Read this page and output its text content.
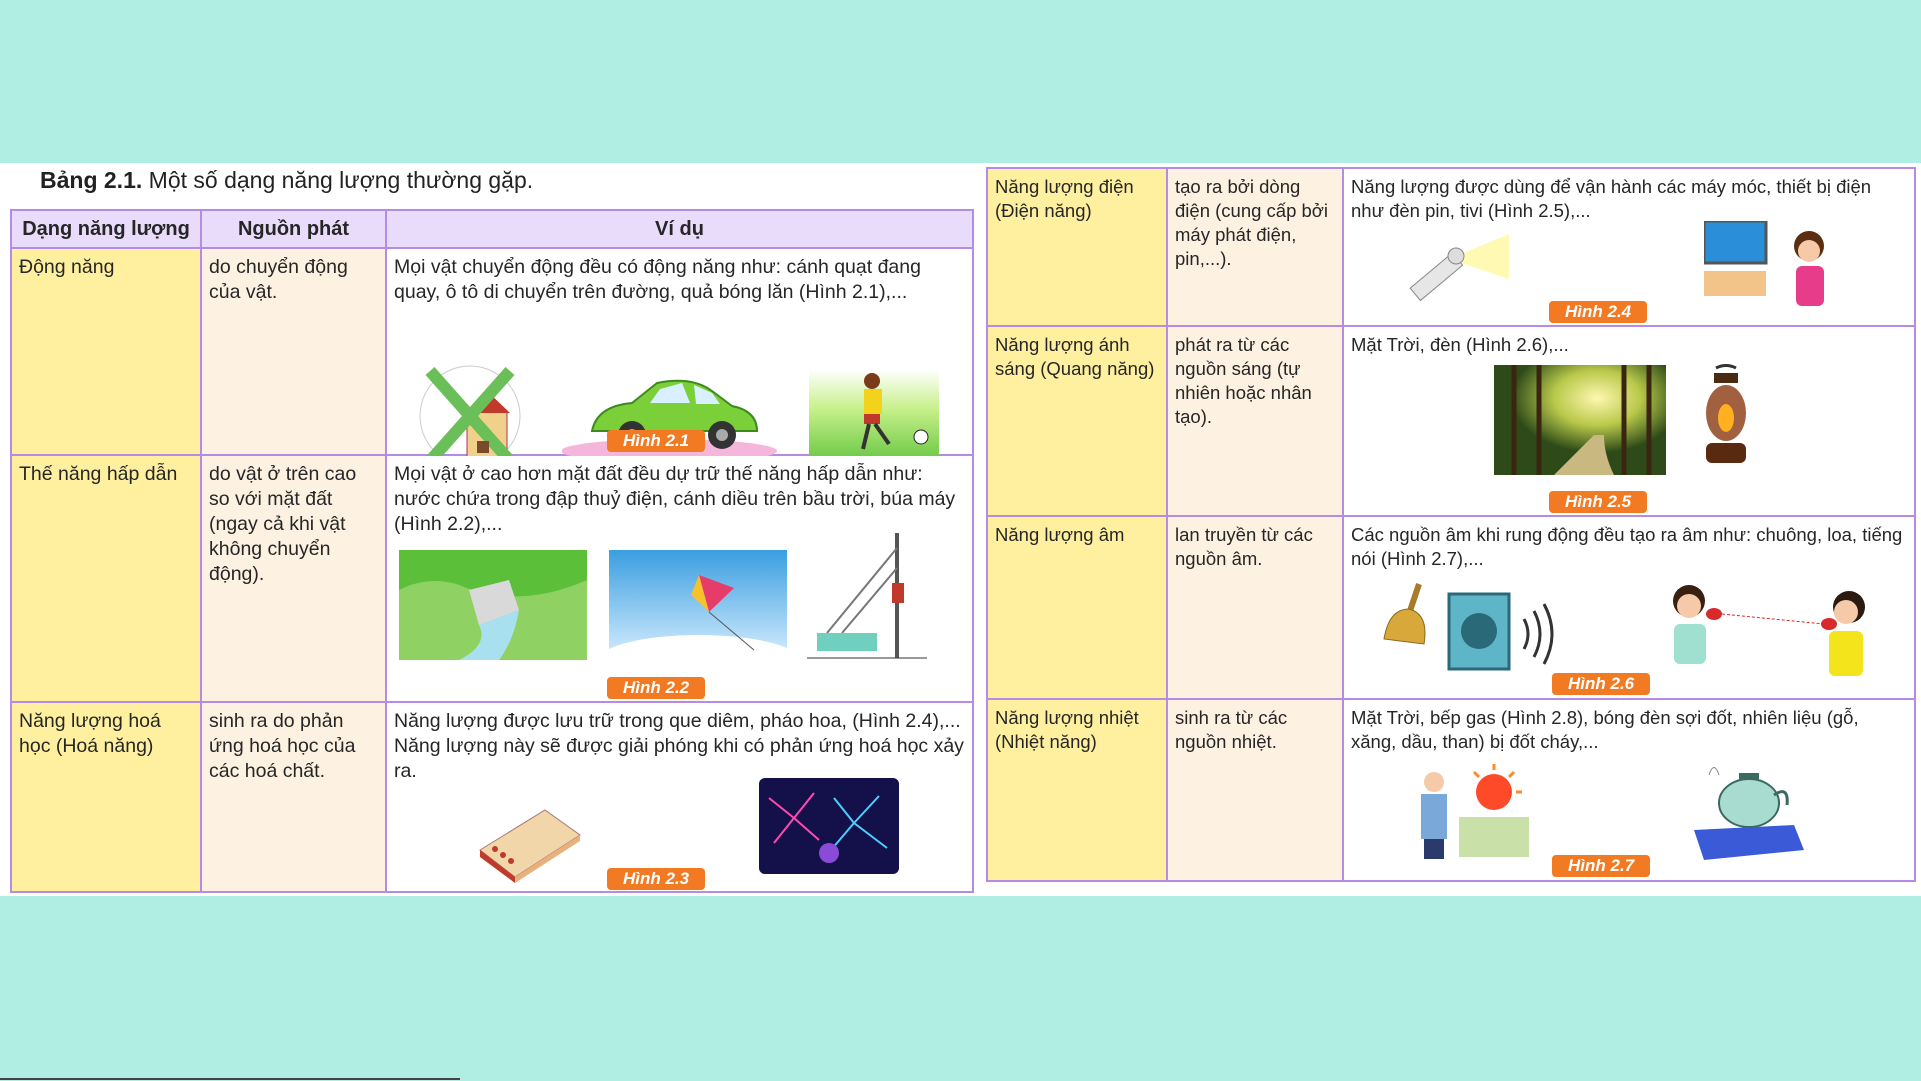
Bảng 2.1. Một số dạng năng lượng thường gặp.
Dạng năng lượng	Nguồn phát	Ví dụ
Động năng	do chuyển động của vật.	Mọi vật chuyển động đều có động năng như: cánh quạt đang quay, ô tô di chuyển trên đường, quả bóng lăn (Hình 2.1),...
Hình 2.1

Thế năng hấp dẫn	do vật ở trên cao so với mặt đất (ngay cả khi vật không chuyển động).	Mọi vật ở cao hơn mặt đất đều dự trữ thế năng hấp dẫn như: nước chứa trong đập thuỷ điện, cánh diều trên bầu trời, búa máy (Hình 2.2),...
Hình 2.2

Năng lượng hoá học (Hoá năng)	sinh ra do phản ứng hoá học của các hoá chất.	Năng lượng được lưu trữ trong que diêm, pháo hoa, (Hình 2.4),... Năng lượng này sẽ được giải phóng khi có phản ứng hoá học xảy ra.
Hình 2.3
Năng lượng điện (Điện năng)	tạo ra bởi dòng điện (cung cấp bởi máy phát điện, pin,...).	Năng lượng được dùng để vận hành các máy móc, thiết bị điện như đèn pin, tivi (Hình 2.5),...
Hình 2.4

Năng lượng ánh sáng (Quang năng)	phát ra từ các nguồn sáng (tự nhiên hoặc nhân tạo).	Mặt Trời, đèn (Hình 2.6),...
Hình 2.5

Năng lượng âm	lan truyền từ các nguồn âm.	Các nguồn âm khi rung động đều tạo ra âm như: chuông, loa, tiếng nói (Hình 2.7),...
Hình 2.6

Năng lượng nhiệt (Nhiệt năng)	sinh ra từ các nguồn nhiệt.	Mặt Trời, bếp gas (Hình 2.8), bóng đèn sợi đốt, nhiên liệu (gỗ, xăng, dầu, than) bị đốt cháy,...
Hình 2.7
